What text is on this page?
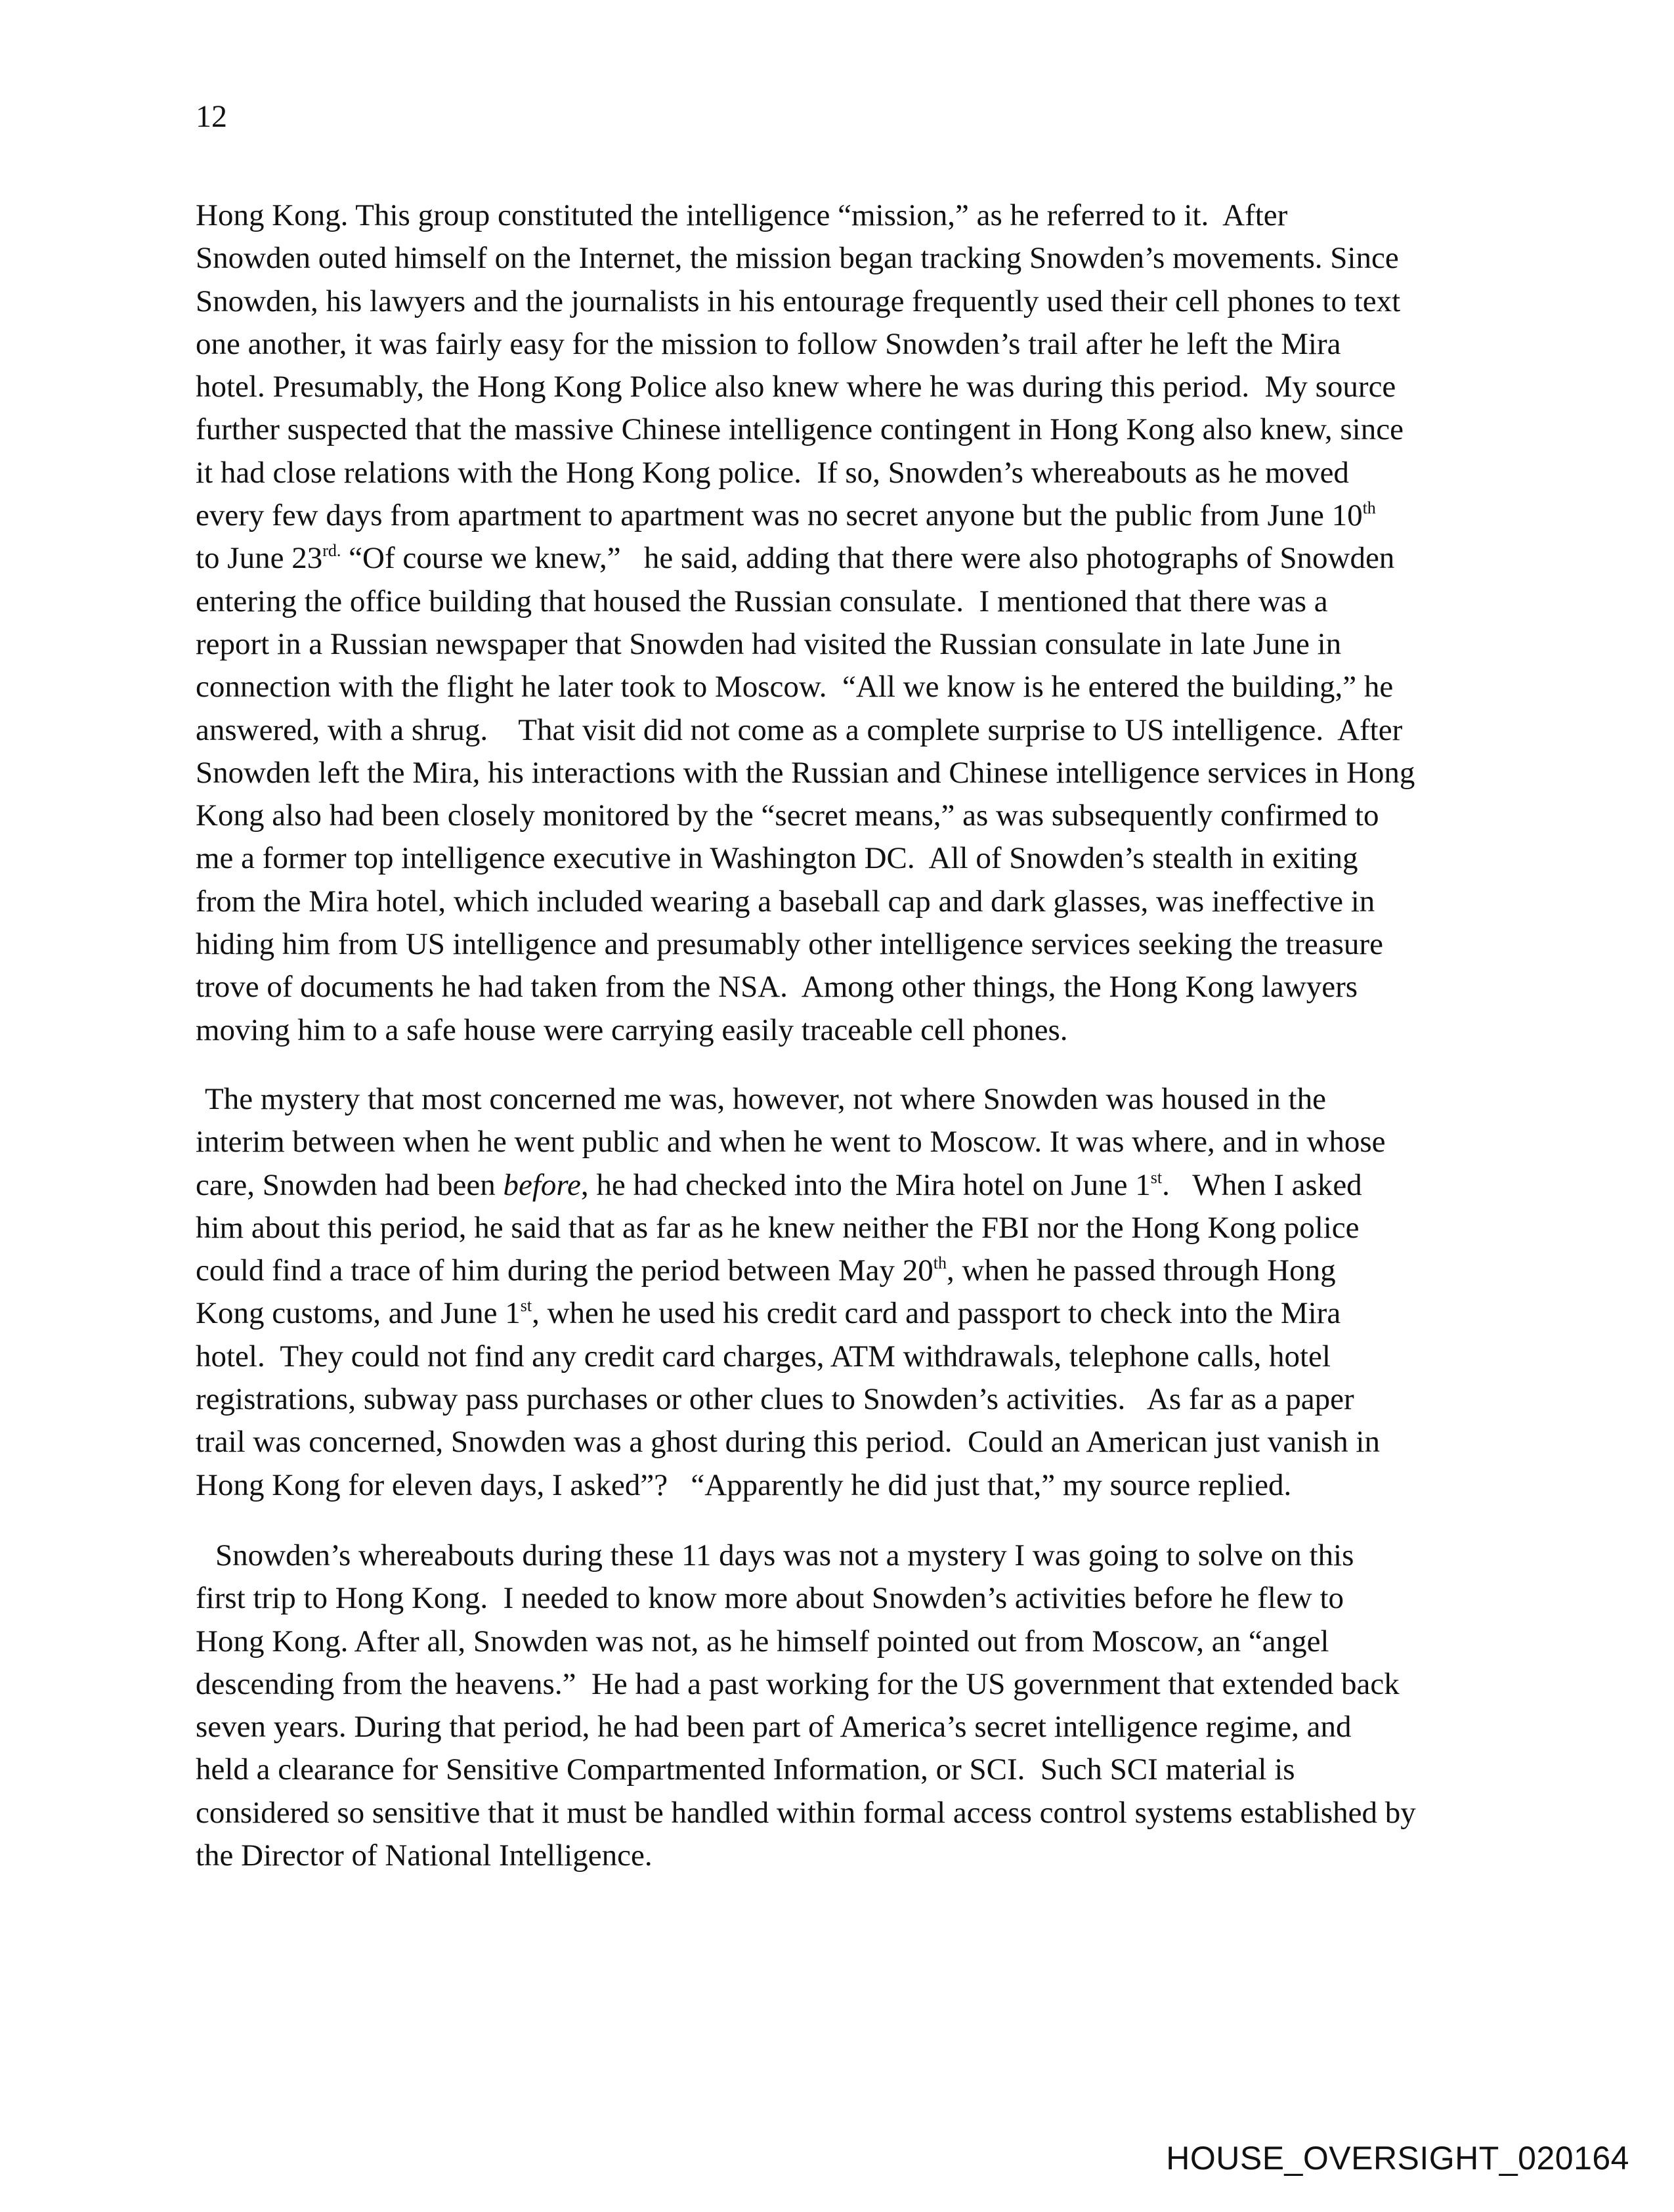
12
Hong Kong. This group constituted the intelligence “mission,” as he referred to it.  After
Snowden outed himself on the Internet, the mission began tracking Snowden’s movements. Since
Snowden, his lawyers and the journalists in his entourage frequently used their cell phones to text
one another, it was fairly easy for the mission to follow Snowden’s trail after he left the Mira
hotel. Presumably, the Hong Kong Police also knew where he was during this period.  My source
further suspected that the massive Chinese intelligence contingent in Hong Kong also knew, since
it had close relations with the Hong Kong police.  If so, Snowden’s whereabouts as he moved
every few days from apartment to apartment was no secret anyone but the public from June 10th
to June $23^{rd.}$ “Of course we knew,”   he said, adding that there were also photographs of Snowden
entering the office building that housed the Russian consulate.  I mentioned that there was a
report in a Russian newspaper that Snowden had visited the Russian consulate in late June in
connection with the flight he later took to Moscow.  “All we know is he entered the building,” he
answered, with a shrug.    That visit did not come as a complete surprise to US intelligence.  After
Snowden left the Mira, his interactions with the Russian and Chinese intelligence services in Hong
Kong also had been closely monitored by the “secret means,” as was subsequently confirmed to
me a former top intelligence executive in Washington DC.  All of Snowden’s stealth in exiting
from the Mira hotel, which included wearing a baseball cap and dark glasses, was ineffective in
hiding him from US intelligence and presumably other intelligence services seeking the treasure
trove of documents he had taken from the NSA.  Among other things, the Hong Kong lawyers
moving him to a safe house were carrying easily traceable cell phones.
The mystery that most concerned me was, however, not where Snowden was housed in the
interim between when he went public and when he went to Moscow. It was where, and in whose
care, Snowden had been before, he had checked into the Mira hotel on June 1st.   When I asked
him about this period, he said that as far as he knew neither the FBI nor the Hong Kong police
could find a trace of him during the period between May 20th, when he passed through Hong
Kong customs, and June 1st, when he used his credit card and passport to check into the Mira
hotel.  They could not find any credit card charges, ATM withdrawals, telephone calls, hotel
registrations, subway pass purchases or other clues to Snowden’s activities.   As far as a paper
trail was concerned, Snowden was a ghost during this period.  Could an American just vanish in
Hong Kong for eleven days, I asked”?   “Apparently he did just that,” my source replied.
Snowden’s whereabouts during these 11 days was not a mystery I was going to solve on this
first trip to Hong Kong.  I needed to know more about Snowden’s activities before he flew to
Hong Kong. After all, Snowden was not, as he himself pointed out from Moscow, an “angel
descending from the heavens.”  He had a past working for the US government that extended back
seven years. During that period, he had been part of America’s secret intelligence regime, and
held a clearance for Sensitive Compartmented Information, or SCI.  Such SCI material is
considered so sensitive that it must be handled within formal access control systems established by
the Director of National Intelligence.
HOUSE_OVERSIGHT_020164
